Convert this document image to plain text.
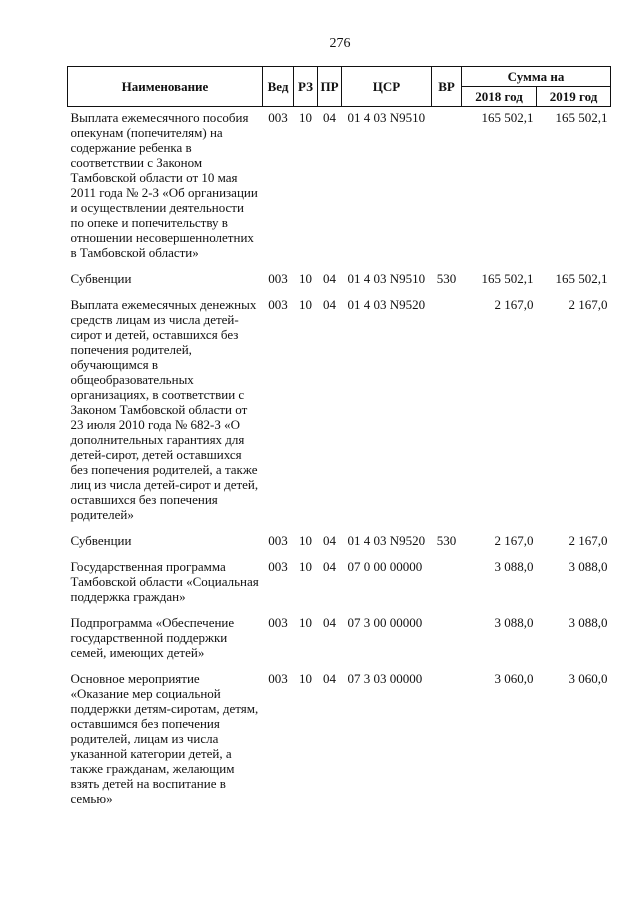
276
Наименование	Вед	РЗ	ПР	ЦСР	ВР	Сумма на	
						2018 год	2019 год
Выплата ежемесячного пособия опекунам (попечителям) на содержание ребенка в соответствии с Законом Тамбовской области от 10 мая 2011 года № 2-З «Об организации и осуществлении деятельности по опеке и попечительству в отношении несовершеннолетних в Тамбовской области»	003	10	04	01 4 03 N9510		165 502,1	165 502,1
Субвенции	003	10	04	01 4 03 N9510	530	165 502,1	165 502,1
Выплата ежемесячных денежных средств лицам из числа детей-сирот и детей, оставшихся без попечения родителей, обучающимся в общеобразовательных организациях, в соответствии с Законом Тамбовской области от 23 июля 2010 года № 682-З «О дополнительных гарантиях для детей-сирот, детей оставшихся без попечения родителей, а также лиц из числа детей-сирот и детей, оставшихся без попечения родителей»	003	10	04	01 4 03 N9520		2 167,0	2 167,0
Субвенции	003	10	04	01 4 03 N9520	530	2 167,0	2 167,0
Государственная программа Тамбовской области «Социальная поддержка граждан»	003	10	04	07 0 00 00000		3 088,0	3 088,0
Подпрограмма «Обеспечение государственной поддержки семей, имеющих детей»	003	10	04	07 3 00 00000		3 088,0	3 088,0
Основное мероприятие «Оказание мер социальной поддержки детям-сиротам, детям, оставшимся без попечения родителей, лицам из числа указанной категории детей, а также гражданам, желающим взять детей на воспитание в семью»	003	10	04	07 3 03 00000		3 060,0	3 060,0
